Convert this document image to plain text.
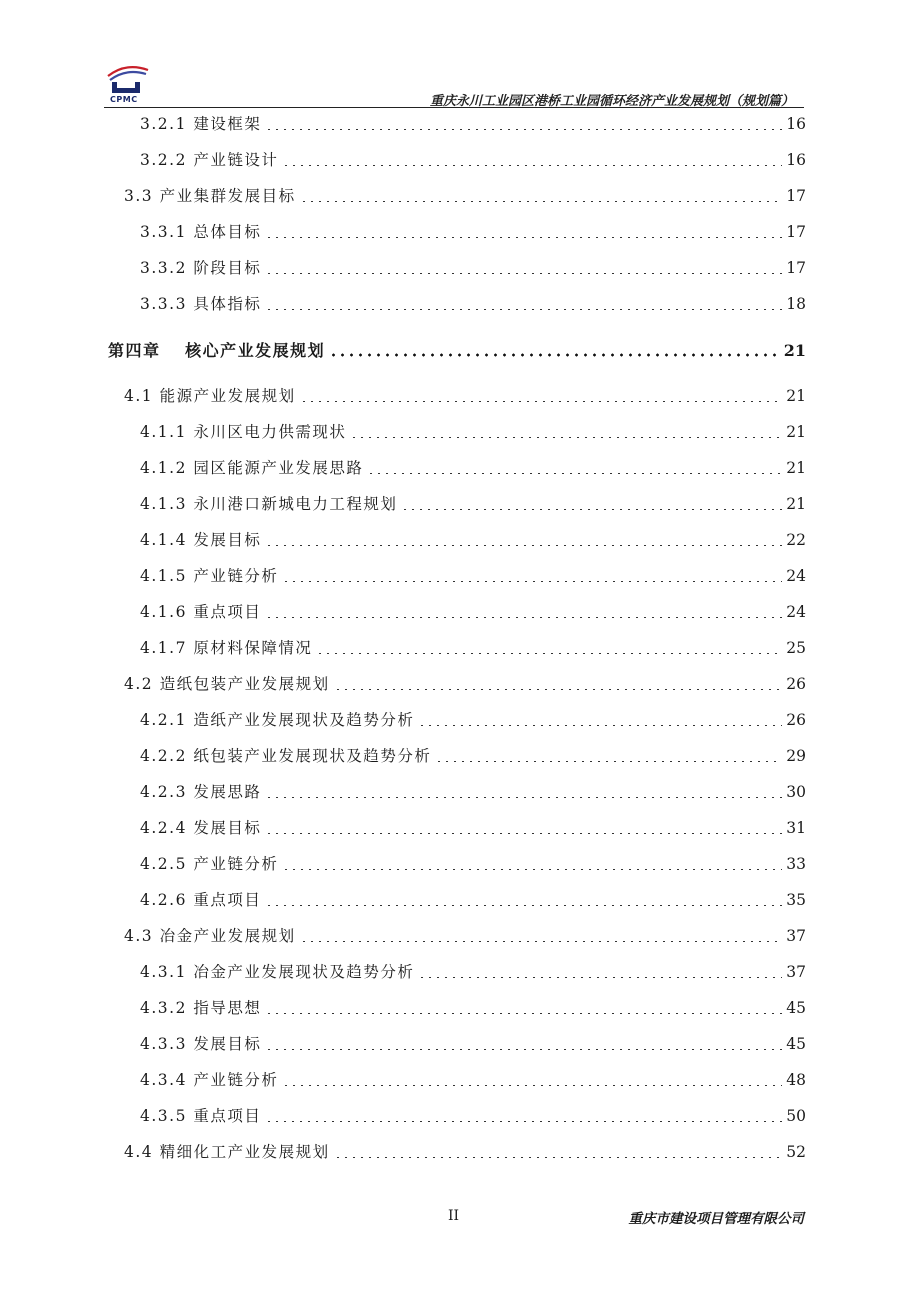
CPMC	重庆永川工业园区港桥工业园循环经济产业发展规划（规划篇）
3.2.1 建设框架	16
3.2.2 产业链设计	16
3.3 产业集群发展目标	17
3.3.1 总体目标	17
3.3.2 阶段目标	17
3.3.3 具体指标	18
第四章　 核心产业发展规划	21
4.1 能源产业发展规划	21
4.1.1 永川区电力供需现状	21
4.1.2 园区能源产业发展思路	21
4.1.3 永川港口新城电力工程规划	21
4.1.4 发展目标	22
4.1.5 产业链分析	24
4.1.6 重点项目	24
4.1.7 原材料保障情况	25
4.2 造纸包装产业发展规划	26
4.2.1 造纸产业发展现状及趋势分析	26
4.2.2 纸包装产业发展现状及趋势分析	29
4.2.3 发展思路	30
4.2.4 发展目标	31
4.2.5 产业链分析	33
4.2.6 重点项目	35
4.3 冶金产业发展规划	37
4.3.1 冶金产业发展现状及趋势分析	37
4.3.2 指导思想	45
4.3.3 发展目标	45
4.3.4 产业链分析	48
4.3.5 重点项目	50
4.4 精细化工产业发展规划	52
II	重庆市建设项目管理有限公司
